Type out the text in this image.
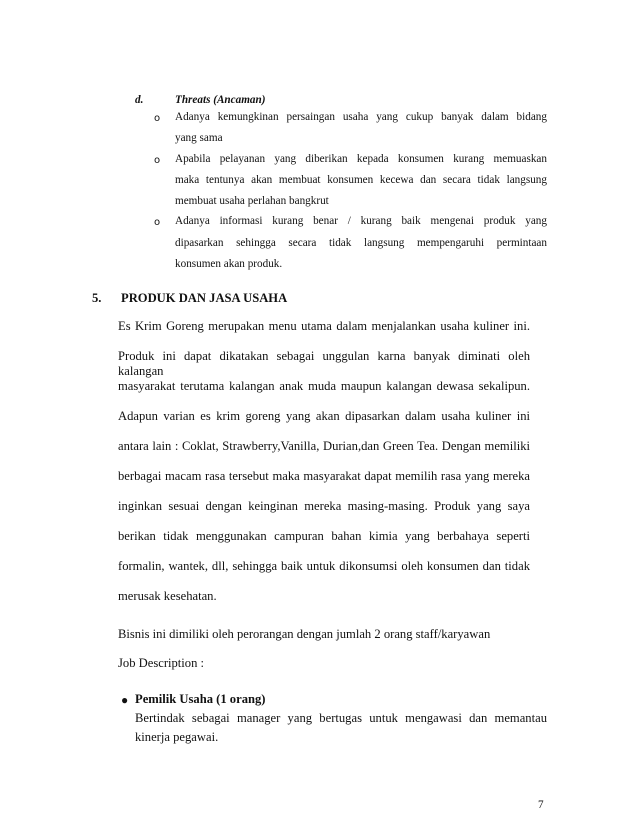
d.	Threats (Ancaman)
o Adanya kemungkinan persaingan usaha yang cukup banyak dalam bidang
yang sama
o Apabila pelayanan yang diberikan kepada konsumen kurang memuaskan
maka tentunya akan membuat konsumen kecewa dan secara tidak langsung
membuat usaha perlahan bangkrut
o Adanya informasi kurang benar / kurang baik mengenai produk yang
dipasarkan sehingga secara tidak langsung mempengaruhi permintaan
konsumen akan produk.
5. PRODUK DAN JASA USAHA
Es Krim Goreng merupakan menu utama dalam menjalankan usaha kuliner ini.
Produk ini dapat dikatakan sebagai unggulan karna banyak diminati oleh kalangan
masyarakat terutama kalangan anak muda maupun kalangan dewasa sekalipun.
Adapun varian es krim goreng yang akan dipasarkan dalam usaha kuliner ini
antara lain : Coklat, Strawberry,Vanilla, Durian,dan Green Tea. Dengan memiliki
berbagai macam rasa tersebut maka masyarakat dapat memilih rasa yang mereka
inginkan sesuai dengan keinginan mereka masing-masing. Produk yang saya
berikan tidak menggunakan campuran bahan kimia yang berbahaya seperti
formalin, wantek, dll, sehingga baik untuk dikonsumsi oleh konsumen dan tidak
merusak kesehatan.
Bisnis ini dimiliki oleh perorangan dengan jumlah 2 orang staff/karyawan
Job Description :
● Pemilik Usaha (1 orang)
Bertindak sebagai manager yang bertugas untuk mengawasi dan memantau
kinerja pegawai.
7
